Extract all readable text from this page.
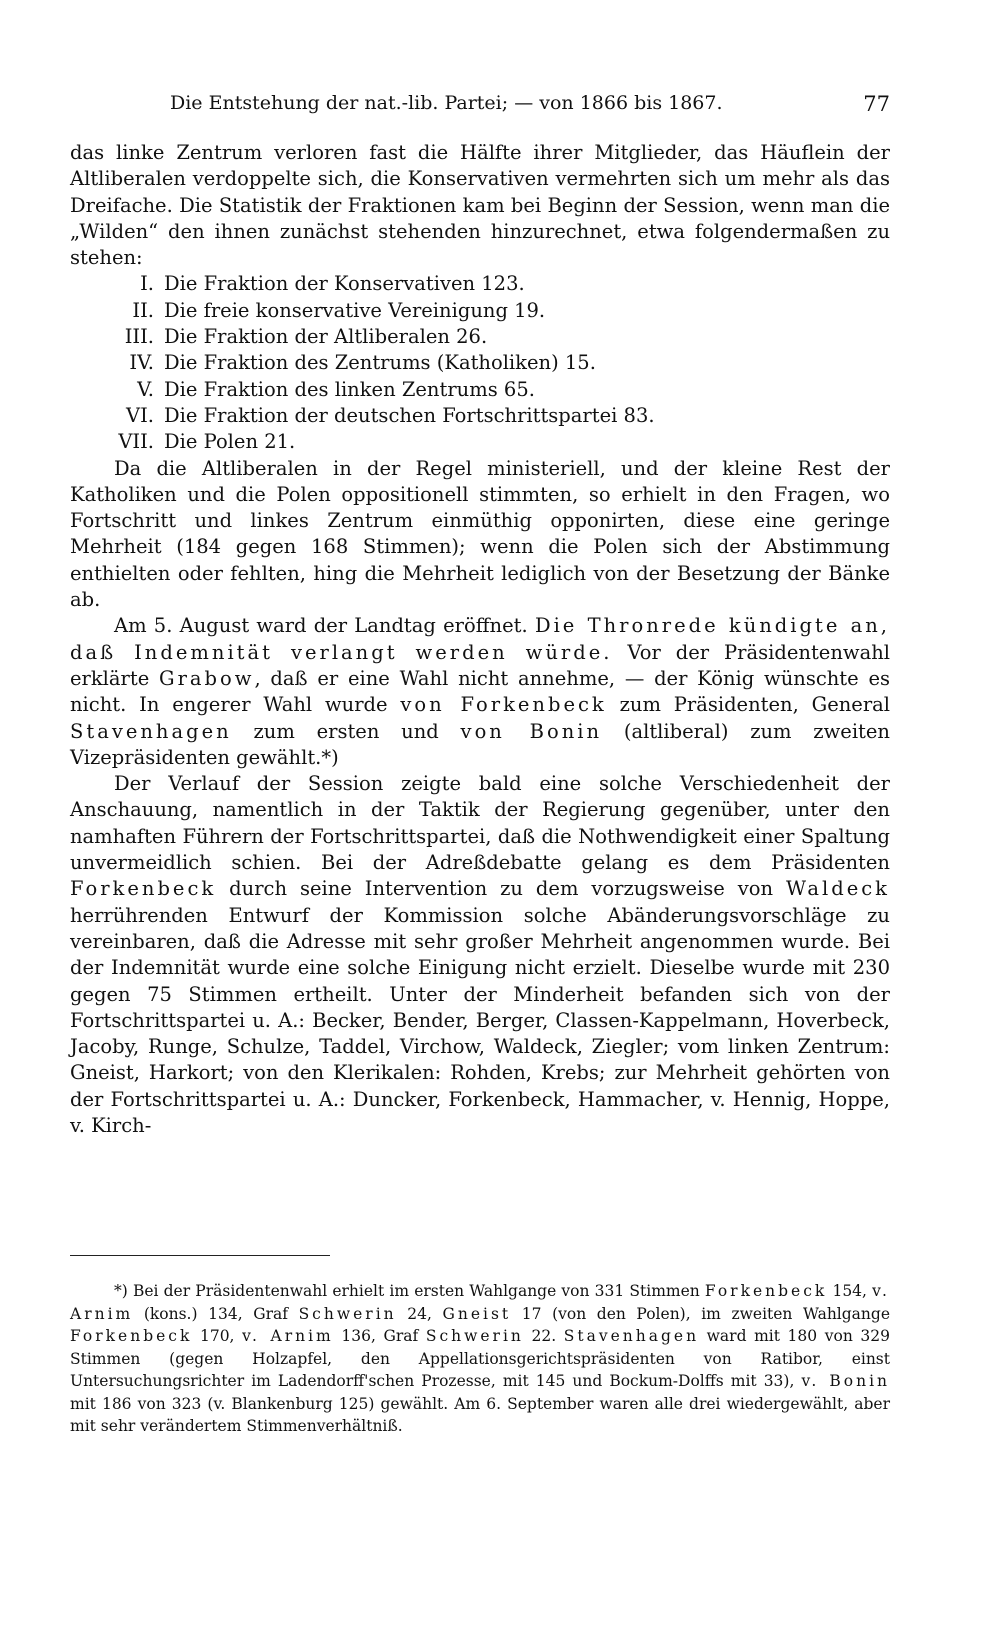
Die Entstehung der nat.-lib. Partei; — von 1866 bis 1867.	77

das linke Zentrum verloren fast die Hälfte ihrer Mitglieder, das Häuflein der Altliberalen verdoppelte sich, die Konservativen vermehrten sich um mehr als das Dreifache. Die Statistik der Fraktionen kam bei Beginn der Session, wenn man die „Wilden“ den ihnen zunächst stehenden hinzurechnet, etwa folgendermaßen zu stehen:

I. Die Fraktion der Konservativen 123.
II. Die freie konservative Vereinigung 19.
III. Die Fraktion der Altliberalen 26.
IV. Die Fraktion des Zentrums (Katholiken) 15.
V. Die Fraktion des linken Zentrums 65.
VI. Die Fraktion der deutschen Fortschrittspartei 83.
VII. Die Polen 21.

Da die Altliberalen in der Regel ministeriell, und der kleine Rest der Katholiken und die Polen oppositionell stimmten, so erhielt in den Fragen, wo Fortschritt und linkes Zentrum einmüthig opponirten, diese eine geringe Mehrheit (184 gegen 168 Stimmen); wenn die Polen sich der Abstimmung enthielten oder fehlten, hing die Mehrheit lediglich von der Besetzung der Bänke ab.

Am 5. August ward der Landtag eröffnet. Die Thronrede kündigte an, daß Indemnität verlangt werden würde. Vor der Präsidentenwahl erklärte Grabow, daß er eine Wahl nicht annehme, — der König wünschte es nicht. In engerer Wahl wurde von Forkenbeck zum Präsidenten, General Stavenhagen zum ersten und von Bonin (altliberal) zum zweiten Vizepräsidenten gewählt.*)

Der Verlauf der Session zeigte bald eine solche Verschiedenheit der Anschauung, namentlich in der Taktik der Regierung gegenüber, unter den namhaften Führern der Fortschrittspartei, daß die Nothwendigkeit einer Spaltung unvermeidlich schien. Bei der Adreßdebatte gelang es dem Präsidenten Forkenbeck durch seine Intervention zu dem vorzugsweise von Waldeck herrührenden Entwurf der Kommission solche Abänderungsvorschläge zu vereinbaren, daß die Adresse mit sehr großer Mehrheit angenommen wurde. Bei der Indemnität wurde eine solche Einigung nicht erzielt. Dieselbe wurde mit 230 gegen 75 Stimmen ertheilt. Unter der Minderheit befanden sich von der Fortschrittspartei u. A.: Becker, Bender, Berger, Classen-Kappelmann, Hoverbeck, Jacoby, Runge, Schulze, Taddel, Virchow, Waldeck, Ziegler; vom linken Zentrum: Gneist, Harkort; von den Klerikalen: Rohden, Krebs; zur Mehrheit gehörten von der Fortschrittspartei u. A.: Duncker, Forkenbeck, Hammacher, v. Hennig, Hoppe, v. Kirch-

*) Bei der Präsidentenwahl erhielt im ersten Wahlgange von 331 Stimmen Forkenbeck 154, v. Arnim (kons.) 134, Graf Schwerin 24, Gneist 17 (von den Polen), im zweiten Wahlgange Forkenbeck 170, v. Arnim 136, Graf Schwerin 22. Stavenhagen ward mit 180 von 329 Stimmen (gegen Holzapfel, den Appellationsgerichtspräsidenten von Ratibor, einst Untersuchungsrichter im Ladendorff'schen Prozesse, mit 145 und Bockum-Dolffs mit 33), v. Bonin mit 186 von 323 (v. Blankenburg 125) gewählt. Am 6. September waren alle drei wiedergewählt, aber mit sehr verändertem Stimmenverhältniß.
